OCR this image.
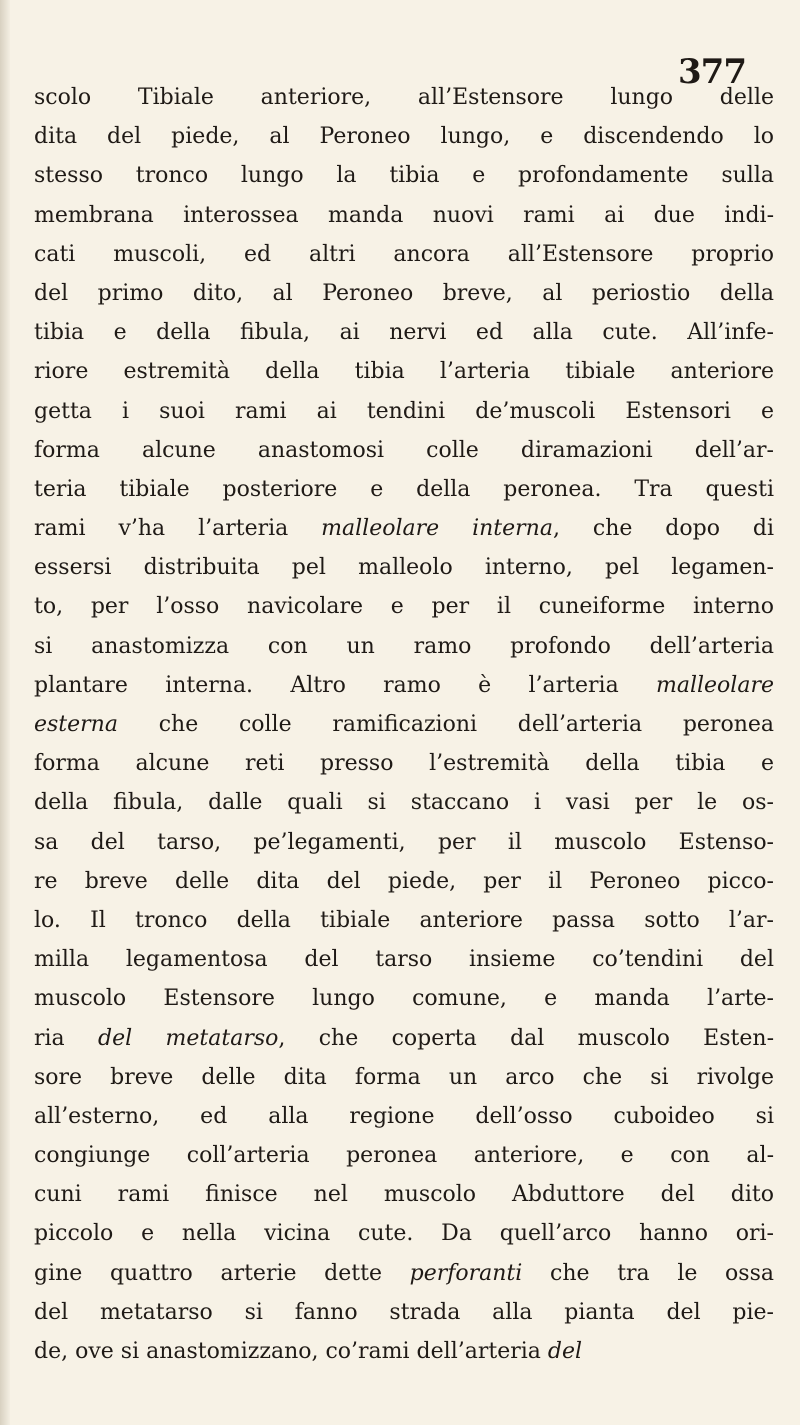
377
scolo Tibiale anteriore, all’Estensore lungo delle
dita del piede, al Peroneo lungo, e discendendo lo
stesso tronco lungo la tibia e profondamente sulla
membrana interossea manda nuovi rami ai due indi-
cati muscoli, ed altri ancora all’Estensore proprio
del primo dito, al Peroneo breve, al periostio della
tibia e della fibula, ai nervi ed alla cute. All’infe-
riore estremità della tibia l’arteria tibiale anteriore
getta i suoi rami ai tendini de’muscoli Estensori e
forma alcune anastomosi colle diramazioni dell’ar-
teria tibiale posteriore e della peronea. Tra questi
rami v’ha l’arteria malleolare interna, che dopo di
essersi distribuita pel malleolo interno, pel legamen-
to, per l’osso navicolare e per il cuneiforme interno
si anastomizza con un ramo profondo dell’arteria
plantare interna. Altro ramo è l’arteria malleolare
esterna che colle ramificazioni dell’arteria peronea
forma alcune reti presso l’estremità della tibia e
della fibula, dalle quali si staccano i vasi per le os-
sa del tarso, pe’legamenti, per il muscolo Estenso-
re breve delle dita del piede, per il Peroneo picco-
lo. Il tronco della tibiale anteriore passa sotto l’ar-
milla legamentosa del tarso insieme co’tendini del
muscolo Estensore lungo comune, e manda l’arte-
ria del metatarso, che coperta dal muscolo Esten-
sore breve delle dita forma un arco che si rivolge
all’esterno, ed alla regione dell’osso cuboideo si
congiunge coll’arteria peronea anteriore, e con al-
cuni rami finisce nel muscolo Abduttore del dito
piccolo e nella vicina cute. Da quell’arco hanno ori-
gine quattro arterie dette perforanti che tra le ossa
del metatarso si fanno strada alla pianta del pie-
de, ove si anastomizzano, co’rami dell’arteria del
